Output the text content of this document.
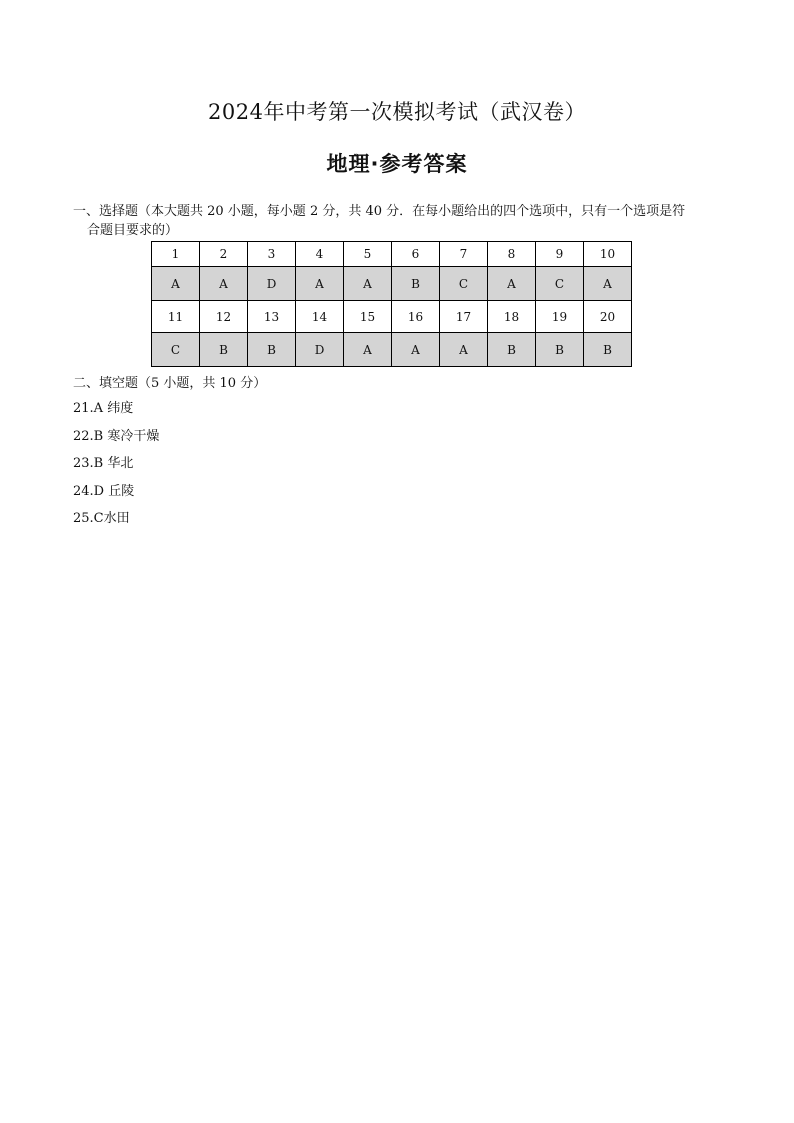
2024年中考第一次模拟考试（武汉卷）
地理·参考答案
一、选择题（本大题共 20 小题，每小题 2 分，共 40 分．在每小题给出的四个选项中，只有一个选项是符
合题目要求的）
1	2	3	4	5	6	7	8	9	10
A	A	D	A	A	B	C	A	C	A
11	12	13	14	15	16	17	18	19	20
C	B	B	D	A	A	A	B	B	B
二、填空题（5 小题，共 10 分）
21.A 纬度
22.B 寒冷干燥
23.B 华北
24.D 丘陵
25.C水田
